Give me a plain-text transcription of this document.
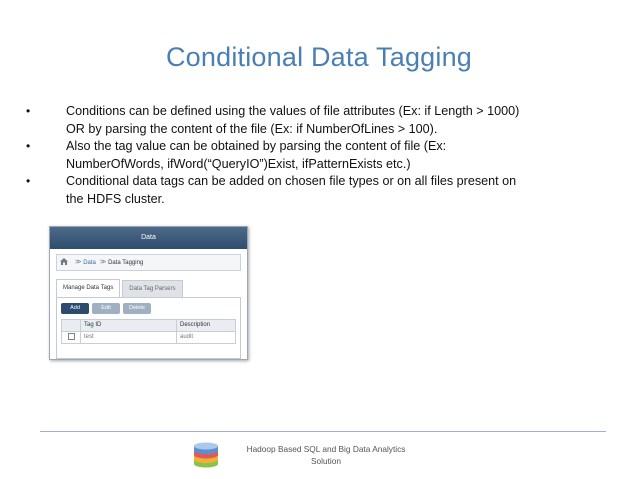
Conditional Data Tagging
•	Conditions can be defined using the values of file attributes (Ex: if Length > 1000)
OR by parsing the content of the file (Ex: if NumberOfLines > 100).
•	Also the tag value can be obtained by parsing the content of file (Ex:
NumberOfWords, ifWord(“QueryIO”)Exist, ifPatternExists etc.)
•	Conditional data tags can be added on chosen file types or on all files present on
the HDFS cluster.
Data
>> Data >> Data Tagging
Manage Data Tags	Data Tag Parsers
Add	Edit	Delete
Tag ID	Description
test	audit
Hadoop Based SQL and Big Data Analytics
Solution
